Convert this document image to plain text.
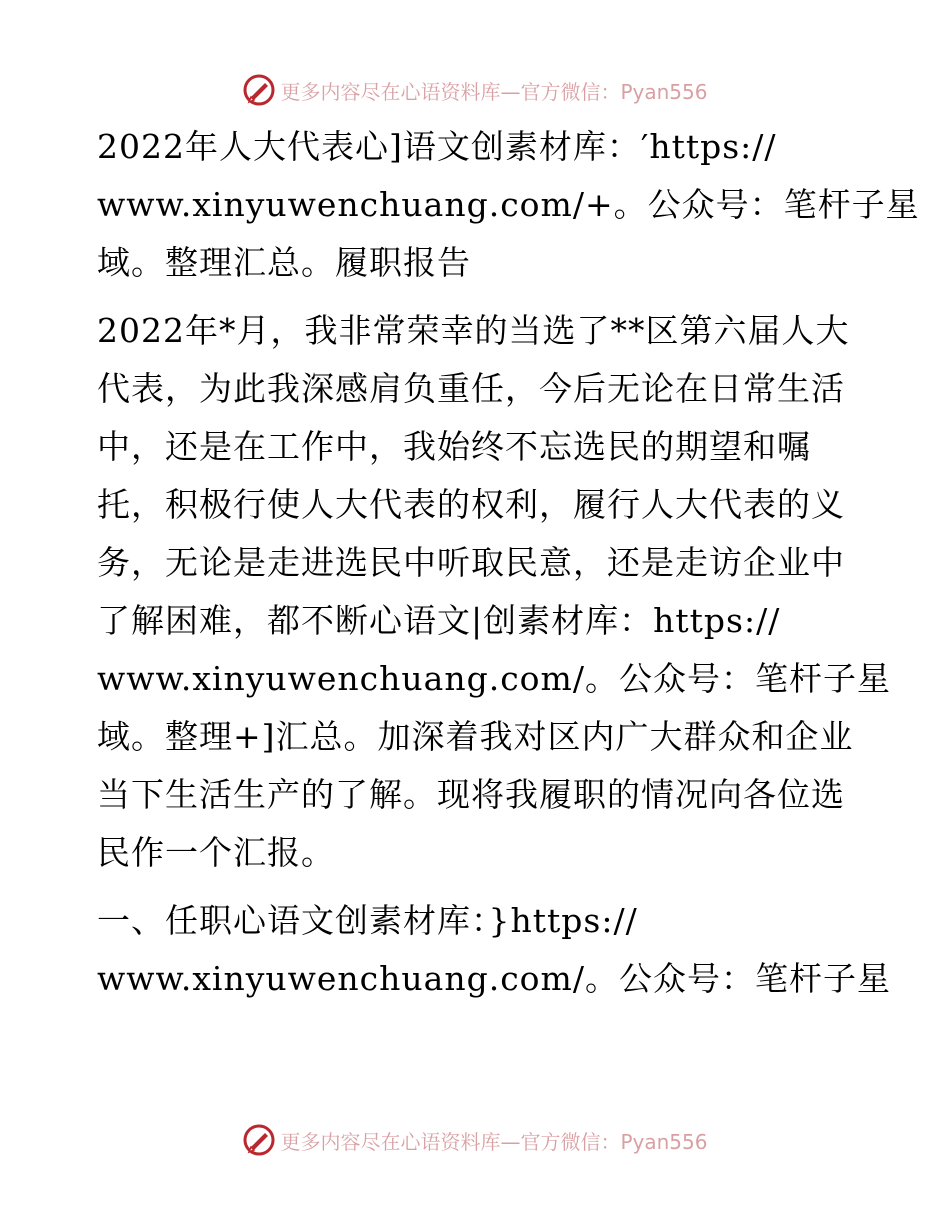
更多内容尽在心语资料库—官方微信：Pyan556

2022年人大代表心]语文创素材库：′https://
www.xinyuwenchuang.com/+。公众号：笔杆子星
域。整理汇总。履职报告

2022年*月，我非常荣幸的当选了**区第六届人大
代表，为此我深感肩负重任，今后无论在日常生活
中，还是在工作中，我始终不忘选民的期望和嘱
托，积极行使人大代表的权利，履行人大代表的义
务，无论是走进选民中听取民意，还是走访企业中
了解困难，都不断心语文|创素材库：https://
www.xinyuwenchuang.com/。公众号：笔杆子星
域。整理+]汇总。加深着我对区内广大群众和企业
当下生活生产的了解。现将我履职的情况向各位选
民作一个汇报。

一、任职心语文创素材库：}https://
www.xinyuwenchuang.com/。公众号：笔杆子星

更多内容尽在心语资料库—官方微信：Pyan556
